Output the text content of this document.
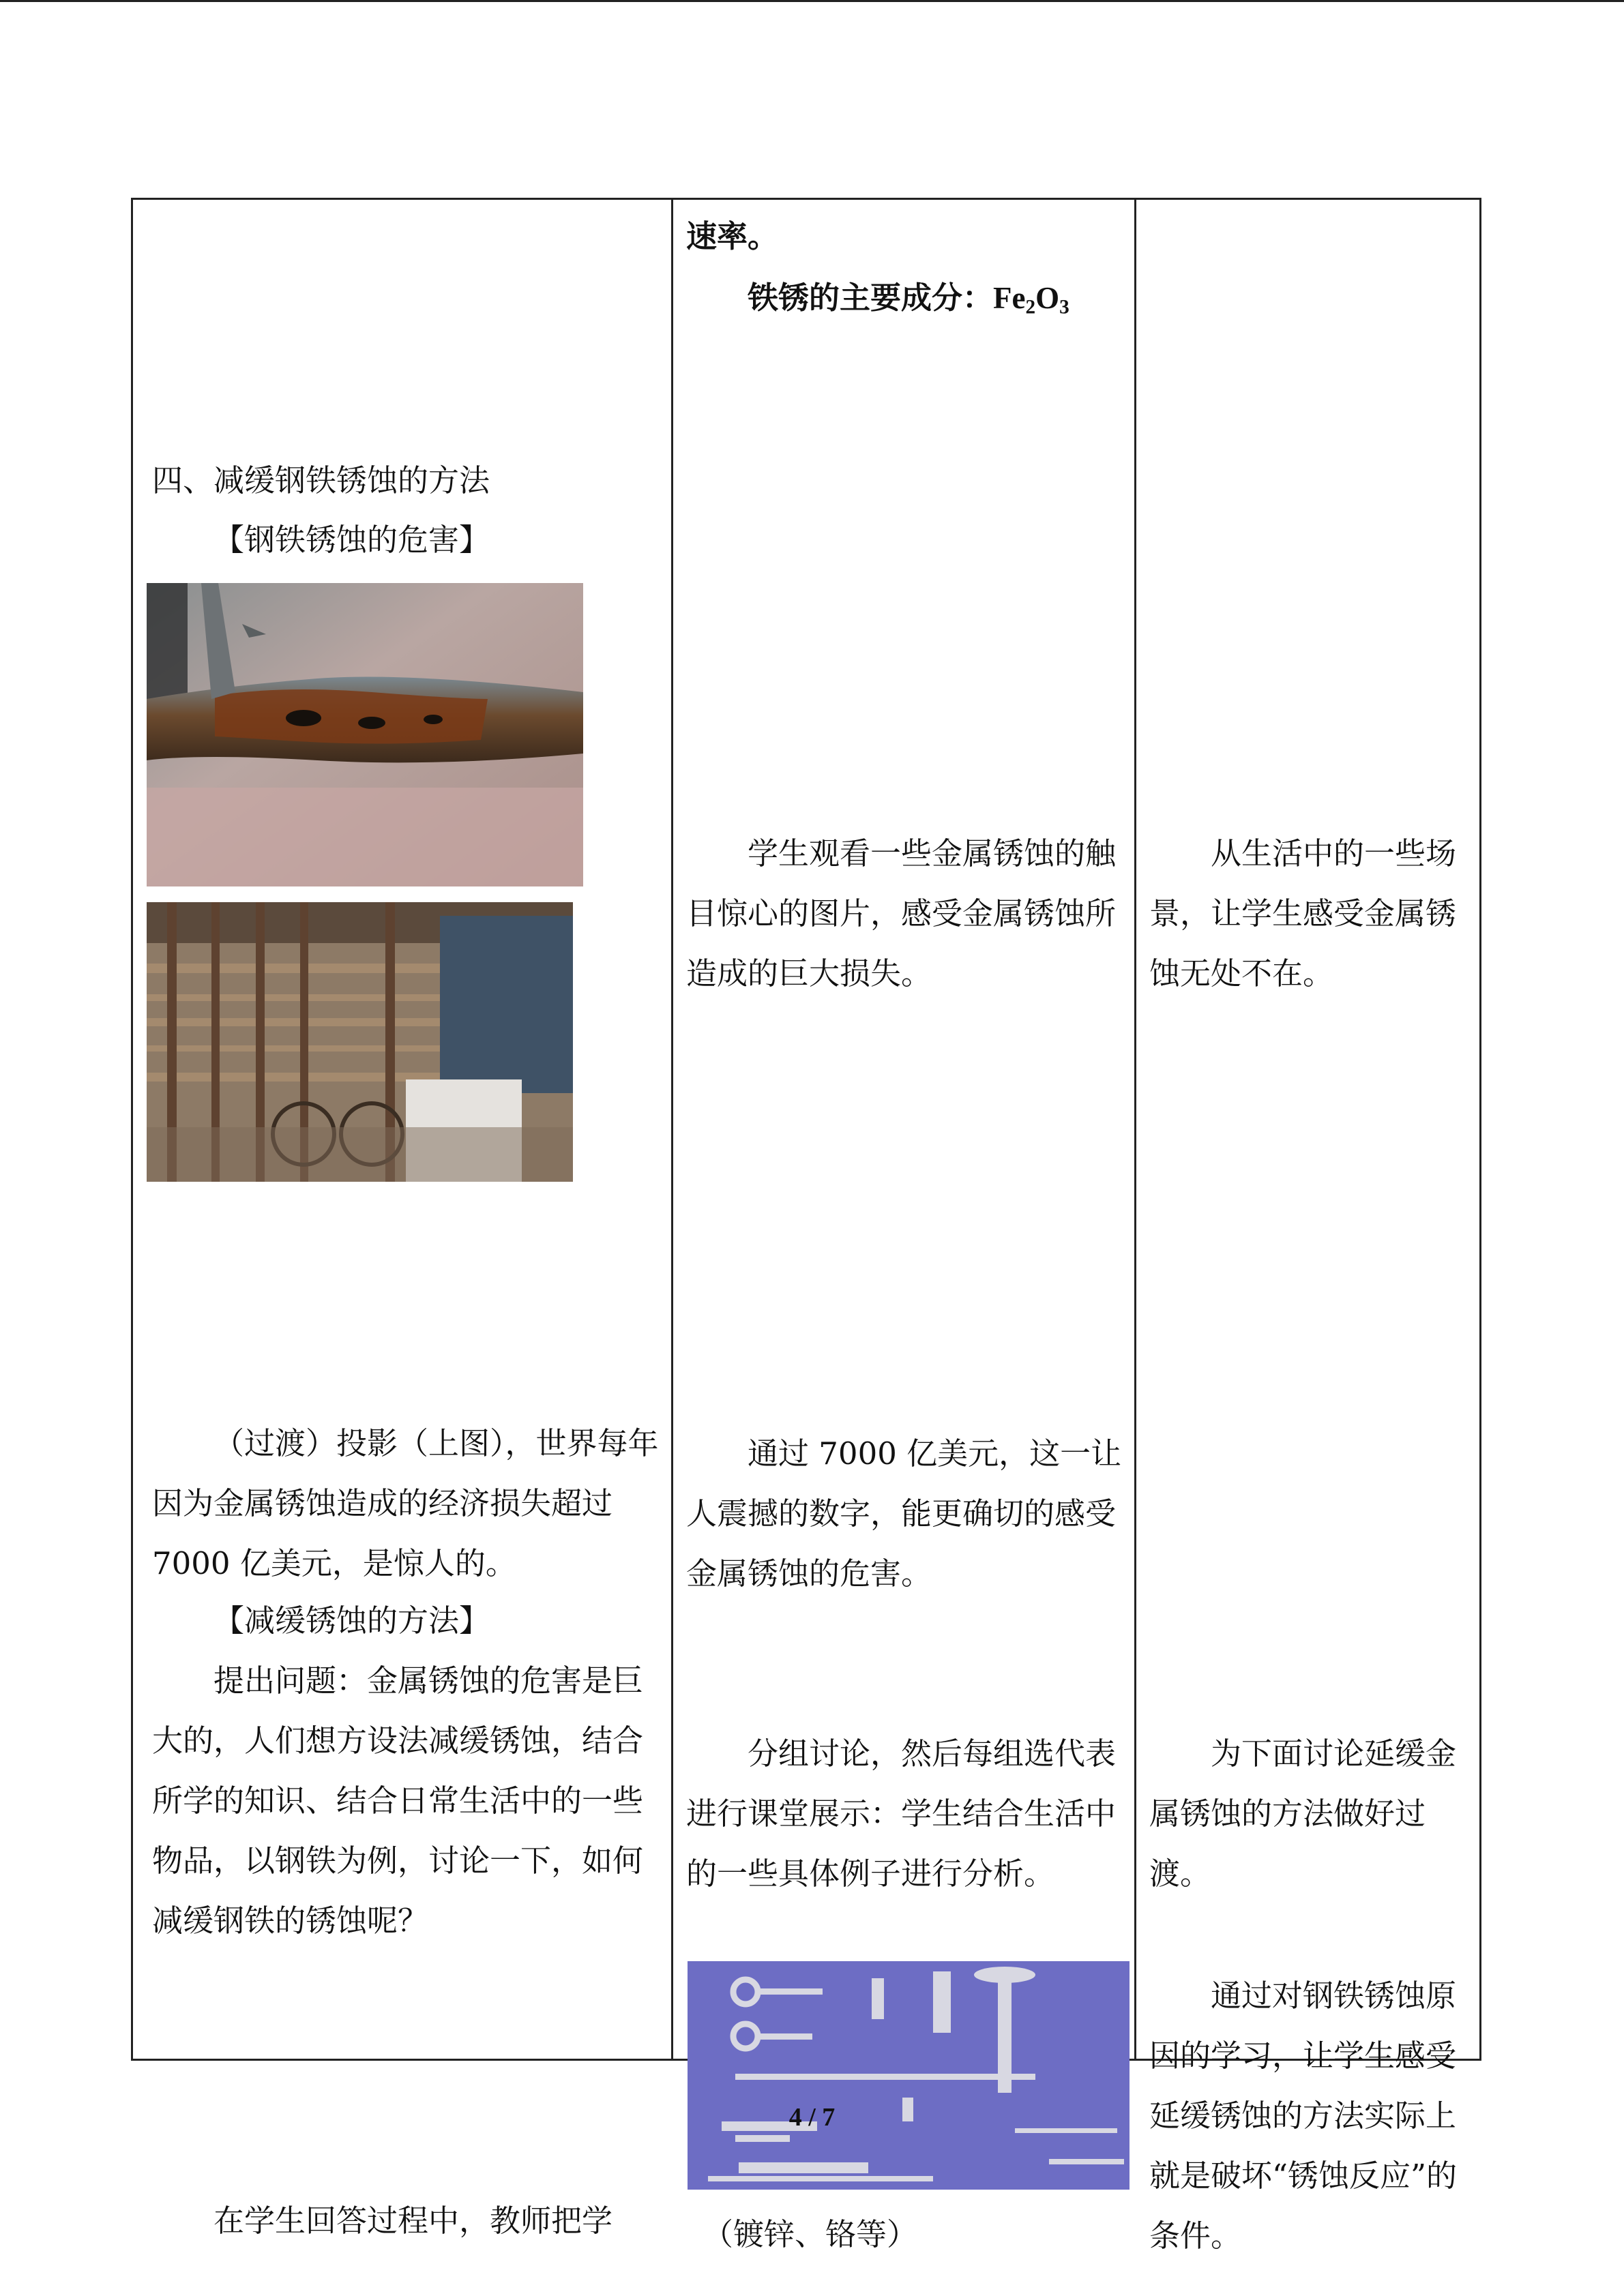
速率。

铁锈的主要成分：$Fe_2O_3$

四、减缓钢铁锈蚀的方法

【钢铁锈蚀的危害】

（过渡）投影（上图），世界每年因为金属锈蚀造成的经济损失超过 7000 亿美元，是惊人的。

【减缓锈蚀的方法】

提出问题：金属锈蚀的危害是巨大的，人们想方设法减缓锈蚀，结合所学的知识、结合日常生活中的一些物品，以钢铁为例，讨论一下，如何减缓钢铁的锈蚀呢？

在学生回答过程中，教师把学

学生观看一些金属锈蚀的触目惊心的图片，感受金属锈蚀所造成的巨大损失。

通过 7000 亿美元，这一让人震撼的数字，能更确切的感受金属锈蚀的危害。

分组讨论，然后每组选代表进行课堂展示：学生结合生活中的一些具体例子进行分析。

（镀锌、铬等）

从生活中的一些场景，让学生感受金属锈蚀无处不在。

为下面讨论延缓金属锈蚀的方法做好过渡。

通过对钢铁锈蚀原因的学习，让学生感受延缓锈蚀的方法实际上就是破坏“锈蚀反应”的条件。

4 / 7
